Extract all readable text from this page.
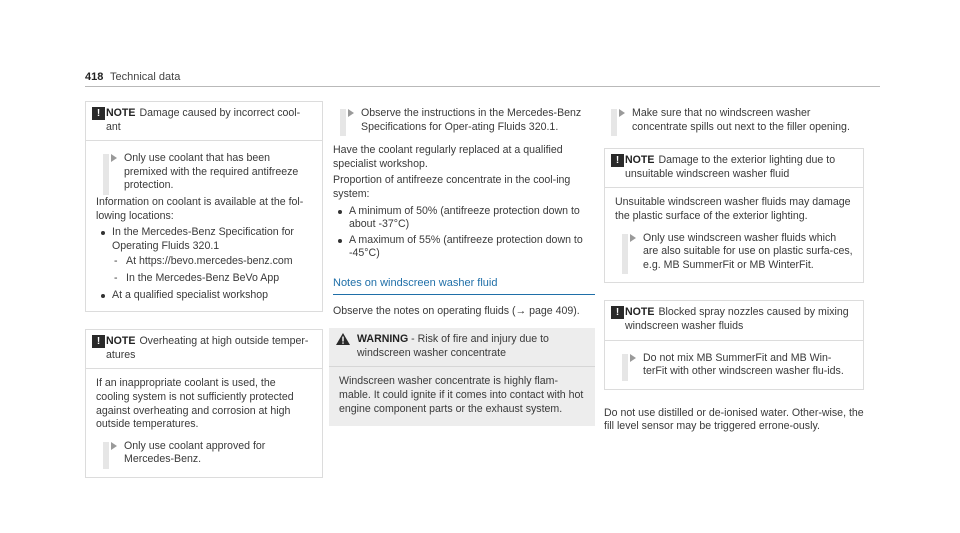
418 Technical data
! NOTE Damage caused by incorrect cool-ant
Only use coolant that has been premixed with the required antifreeze protection.

Information on coolant is available at the fol-lowing locations:

In the Mercedes-Benz Specification for Operating Fluids 320.1
- At https://bevo.mercedes-benz.com
- In the Mercedes-Benz BeVo App
At a qualified specialist workshop
! NOTE Overheating at high outside temper-atures

If an inappropriate coolant is used, the cooling system is not sufficiently protected against overheating and corrosion at high outside temperatures.

Only use coolant approved for Mercedes-Benz.
Observe the instructions in the Mercedes-Benz Specifications for Oper-ating Fluids 320.1.

Have the coolant regularly replaced at a qualified specialist workshop.

Proportion of antifreeze concentrate in the cool-ing system:

A minimum of 50% (antifreeze protection down to about -37°C)
A maximum of 55% (antifreeze protection down to -45°C)
Notes on windscreen washer fluid

Observe the notes on operating fluids (→ page 409).

WARNING - Risk of fire and injury due to windscreen washer concentrate

Windscreen washer concentrate is highly flam-mable. It could ignite if it comes into contact with hot engine component parts or the exhaust system.

Make sure that no windscreen washer concentrate spills out next to the filler opening.
! NOTE Damage to the exterior lighting due to unsuitable windscreen washer fluid

Unsuitable windscreen washer fluids may damage the plastic surface of the exterior lighting.

Only use windscreen washer fluids which are also suitable for use on plastic surfa-ces, e.g. MB SummerFit or MB WinterFit.
! NOTE Blocked spray nozzles caused by mixing windscreen washer fluids
Do not mix MB SummerFit and MB Win-terFit with other windscreen washer flu-ids.

Do not use distilled or de-ionised water. Other-wise, the fill level sensor may be triggered errone-ously.
